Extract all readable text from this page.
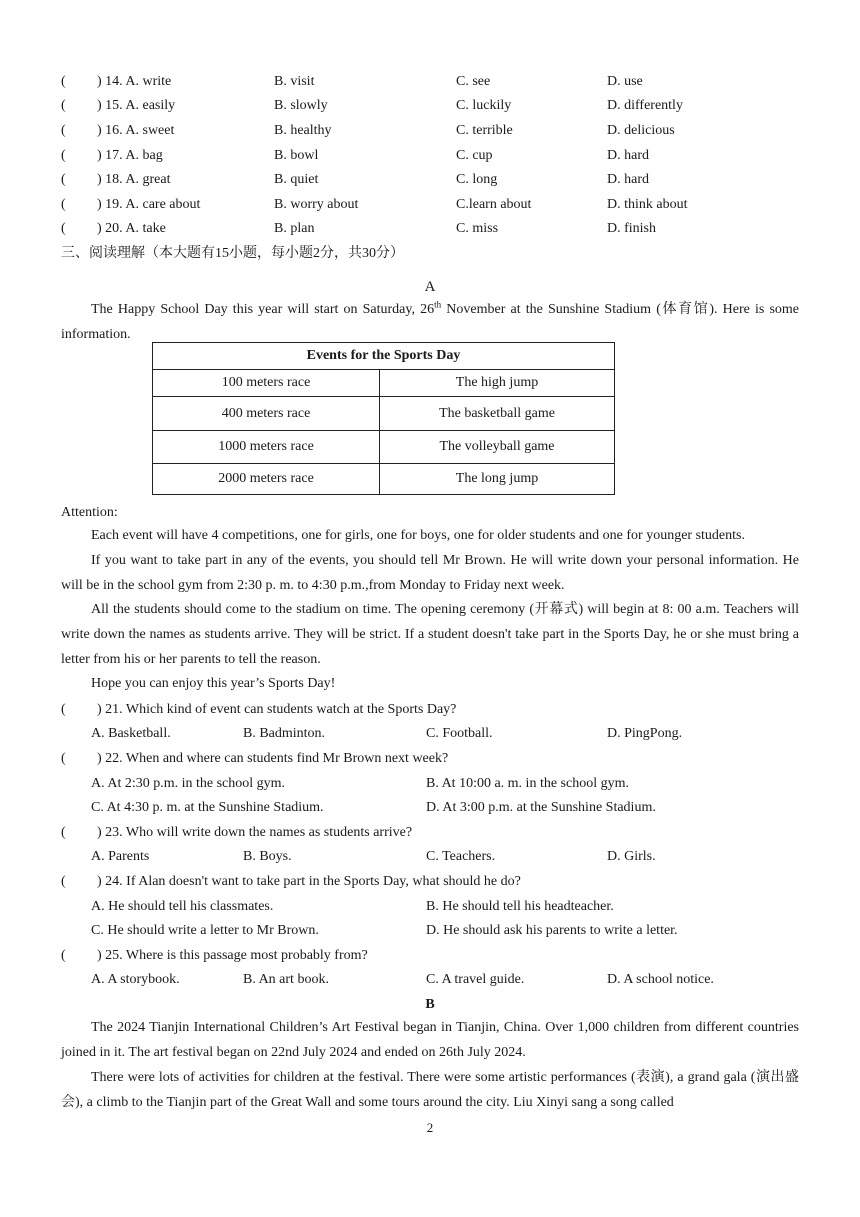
( ) 14. A. write	B. visit	C. see	D. use
( ) 15. A. easily	B. slowly	C. luckily	D. differently
( ) 16. A. sweet	B. healthy	C. terrible	D. delicious
( ) 17. A. bag	B. bowl	C. cup	D. hard
( ) 18. A. great	B. quiet	C. long	D. hard
( ) 19. A. care about	B. worry about	C.learn about	D. think about
( ) 20. A. take	B. plan	C. miss	D. finish
三、阅读理解（本大题有15小题，每小题2分，共30分）
A
The Happy School Day this year will start on Saturday, 26th November at the Sunshine Stadium (体育馆). Here is some information.
Events for the Sports Day	
100 meters race	The high jump
400 meters race	The basketball game
1000 meters race	The volleyball game
2000 meters race	The long jump
Attention:
Each event will have 4 competitions, one for girls, one for boys, one for older students and one for younger students.
If you want to take part in any of the events, you should tell Mr Brown. He will write down your personal information. He will be in the school gym from 2:30 p. m. to 4:30 p.m.,from Monday to Friday next week.
All the students should come to the stadium on time. The opening ceremony (开幕式) will begin at 8: 00 a.m. Teachers will write down the names as students arrive. They will be strict. If a student doesn't take part in the Sports Day, he or she must bring a letter from his or her parents to tell the reason.
Hope you can enjoy this year’s Sports Day!
( ) 21. Which kind of event can students watch at the Sports Day?
A. Basketball.	B. Badminton.	C. Football.	D. PingPong.
( ) 22. When and where can students find Mr Brown next week?
A. At 2:30 p.m. in the school gym.	B. At 10:00 a. m. in the school gym.
C. At 4:30 p. m. at the Sunshine Stadium.	D. At 3:00 p.m. at the Sunshine Stadium.
( ) 23. Who will write down the names as students arrive?
A. Parents	B. Boys.	C. Teachers.	D. Girls.
( ) 24. If Alan doesn't want to take part in the Sports Day, what should he do?
A. He should tell his classmates.	B. He should tell his headteacher.
C. He should write a letter to Mr Brown.	D. He should ask his parents to write a letter.
( ) 25. Where is this passage most probably from?
A. A storybook.	B. An art book.	C. A travel guide.	D. A school notice.
B
The 2024 Tianjin International Children’s Art Festival began in Tianjin, China. Over 1,000 children from different countries joined in it. The art festival began on 22nd July 2024 and ended on 26th July 2024.
There were lots of activities for children at the festival. There were some artistic performances (表演), a grand gala (演出盛会), a climb to the Tianjin part of the Great Wall and some tours around the city. Liu Xinyi sang a song called
2
